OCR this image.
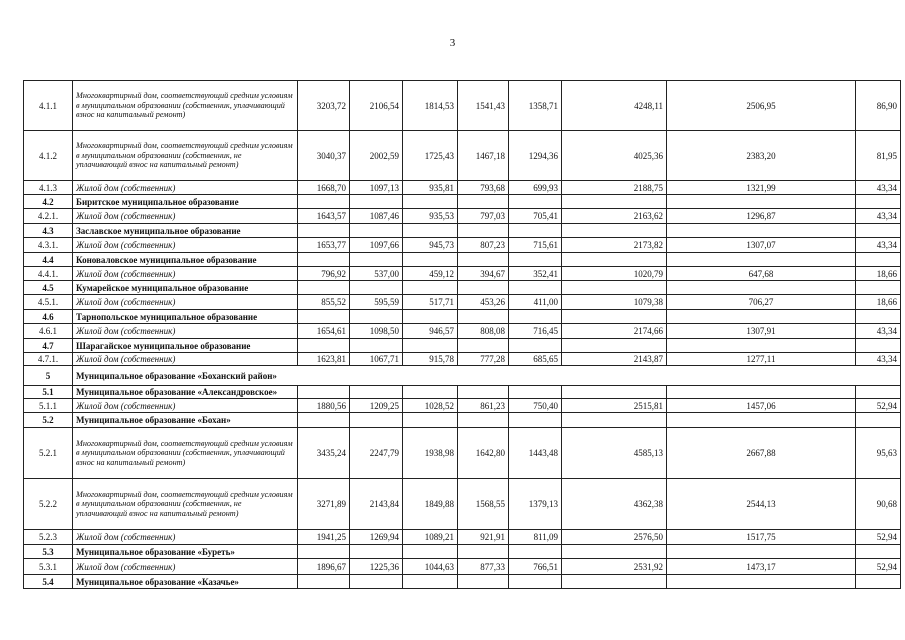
3
4.1.1	Многоквартирный дом, соответствующий средним условиям в муниципальном образовании (собственник, уплачивающий взнос на капитальный ремонт)	3203,72	2106,54	1814,53	1541,43	1358,71	4248,11	2506,95	86,90
4.1.2	Многоквартирный дом, соответствующий средним условиям в муниципальном образовании (собственник, не уплачивающий взнос на капитальный ремонт)	3040,37	2002,59	1725,43	1467,18	1294,36	4025,36	2383,20	81,95
4.1.3	Жилой дом (собственник)	1668,70	1097,13	935,81	793,68	699,93	2188,75	1321,99	43,34
4.2	Биритское муниципальное образование								
4.2.1.	Жилой дом (собственник)	1643,57	1087,46	935,53	797,03	705,41	2163,62	1296,87	43,34
4.3	Заславское муниципальное образование								
4.3.1.	Жилой дом (собственник)	1653,77	1097,66	945,73	807,23	715,61	2173,82	1307,07	43,34
4.4	Коноваловское муниципальное образование								
4.4.1.	Жилой дом (собственник)	796,92	537,00	459,12	394,67	352,41	1020,79	647,68	18,66
4.5	Кумарейское муниципальное образование								
4.5.1.	Жилой дом (собственник)	855,52	595,59	517,71	453,26	411,00	1079,38	706,27	18,66
4.6	Тарнопольское муниципальное образование								
4.6.1	Жилой дом (собственник)	1654,61	1098,50	946,57	808,08	716,45	2174,66	1307,91	43,34
4.7	Шарагайское муниципальное образование								
4.7.1.	Жилой дом (собственник)	1623,81	1067,71	915,78	777,28	685,65	2143,87	1277,11	43,34
5	Муниципальное образование «Боханский район»								
5.1	Муниципальное образование «Александровское»								
5.1.1	Жилой дом (собственник)	1880,56	1209,25	1028,52	861,23	750,40	2515,81	1457,06	52,94
5.2	Муниципальное образование «Бохан»								
5.2.1	Многоквартирный дом, соответствующий средним условиям в муниципальном образовании (собственник, уплачивающий взнос на капитальный ремонт)	3435,24	2247,79	1938,98	1642,80	1443,48	4585,13	2667,88	95,63
5.2.2	Многоквартирный дом, соответствующий средним условиям в муниципальном образовании (собственник, не уплачивающий взнос на капитальный ремонт)	3271,89	2143,84	1849,88	1568,55	1379,13	4362,38	2544,13	90,68
5.2.3	Жилой дом (собственник)	1941,25	1269,94	1089,21	921,91	811,09	2576,50	1517,75	52,94
5.3	Муниципальное образование «Буреть»								
5.3.1	Жилой дом (собственник)	1896,67	1225,36	1044,63	877,33	766,51	2531,92	1473,17	52,94
5.4	Муниципальное образование «Казачье»								
